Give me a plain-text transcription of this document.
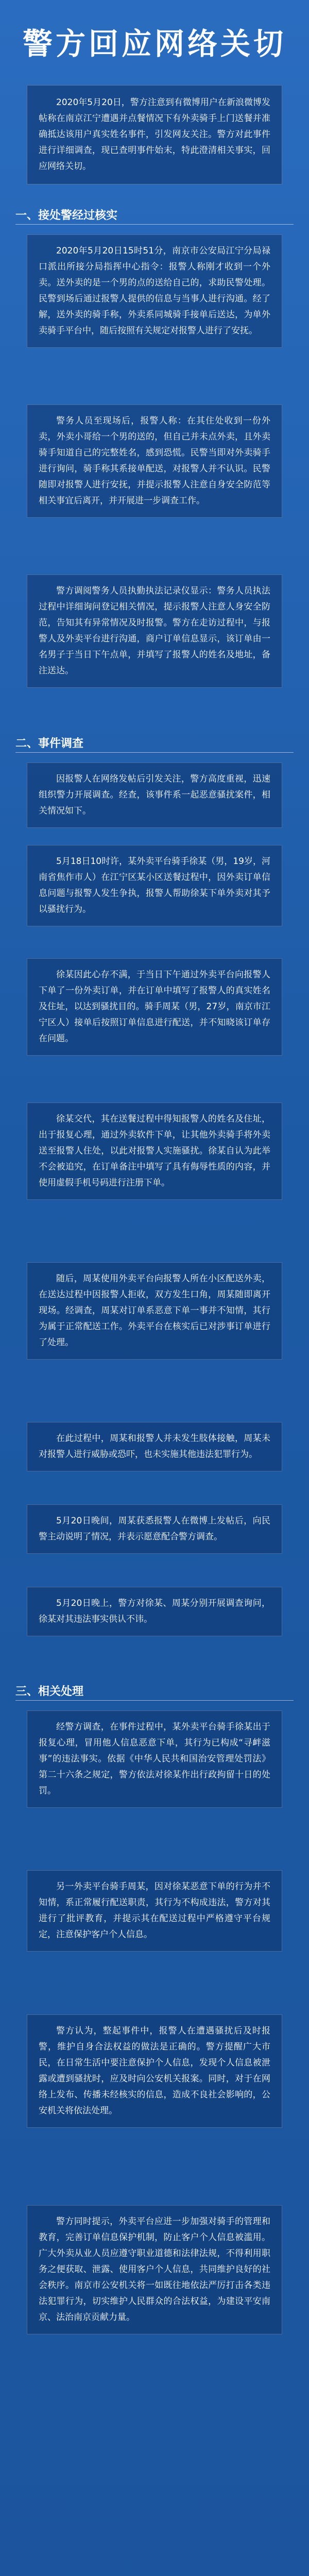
警方回应网络关切
2020年5月20日，警方注意到有微博用户在新浪微博发帖称在南京江宁遭遇并点餐情况下有外卖骑手上门送餐并准确抵达该用户真实姓名事件，引发网友关注。警方对此事件进行详细调查，现已查明事件始末，特此澄清相关事实，回应网络关切。
一、接处警经过核实
2020年5月20日15时51分，南京市公安局江宁分局禄口派出所接分局指挥中心指令：报警人称刚才收到一个外卖。送外卖的是一个男的点的送给自己的，求助民警处理。民警到场后通过报警人提供的信息与当事人进行沟通。经了解，送外卖的骑手称，外卖系同城骑手接单后送达，为单外卖骑手平台中，随后按照有关规定对报警人进行了安抚。
警务人员至现场后，报警人称：在其住处收到一份外卖，外卖小哥给一个男的送的，但自己并未点外卖，且外卖骑手知道自己的完整姓名，感到恐慌。民警当即对外卖骑手进行询问，骑手称其系接单配送，对报警人并不认识。民警随即对报警人进行安抚，并提示报警人注意自身安全防范等相关事宜后离开，并开展进一步调查工作。
警方调阅警务人员执勤执法记录仪显示：警务人员执法过程中详细询问登记相关情况，提示报警人注意人身安全防范，告知其有异常情况及时报警。警方在走访过程中，与报警人及外卖平台进行沟通，商户订单信息显示，该订单由一名男子于当日下午点单，并填写了报警人的姓名及地址，备注送达。
二、事件调查
因报警人在网络发帖后引发关注，警方高度重视，迅速组织警力开展调查。经查，该事件系一起恶意骚扰案件，相关情况如下。
5月18日10时许，某外卖平台骑手徐某（男，19岁，河南省焦作市人）在江宁区某小区送餐过程中，因外卖订单信息问题与报警人发生争执，报警人帮助徐某下单外卖对其予以骚扰行为。
徐某因此心存不满，于当日下午通过外卖平台向报警人下单了一份外卖订单，并在订单中填写了报警人的真实姓名及住址，以达到骚扰目的。骑手周某（男，27岁，南京市江宁区人）接单后按照订单信息进行配送，并不知晓该订单存在问题。
徐某交代，其在送餐过程中得知报警人的姓名及住址，出于报复心理，通过外卖软件下单，让其他外卖骑手将外卖送至报警人住处，以此对报警人实施骚扰。徐某自认为此举不会被追究，在订单备注中填写了具有侮辱性质的内容，并使用虚假手机号码进行注册下单。
随后，周某使用外卖平台向报警人所在小区配送外卖，在送达过程中因报警人拒收，双方发生口角，周某随即离开现场。经调查，周某对订单系恶意下单一事并不知情，其行为属于正常配送工作。外卖平台在核实后已对涉事订单进行了处理。
在此过程中，周某和报警人并未发生肢体接触，周某未对报警人进行威胁或恐吓，也未实施其他违法犯罪行为。
5月20日晚间，周某获悉报警人在微博上发帖后，向民警主动说明了情况，并表示愿意配合警方调查。
5月20日晚上，警方对徐某、周某分别开展调查询问，徐某对其违法事实供认不讳。
三、相关处理
经警方调查，在事件过程中，某外卖平台骑手徐某出于报复心理，冒用他人信息恶意下单，其行为已构成“寻衅滋事”的违法事实。依据《中华人民共和国治安管理处罚法》第二十六条之规定，警方依法对徐某作出行政拘留十日的处罚。
另一外卖平台骑手周某，因对徐某恶意下单的行为并不知情，系正常履行配送职责，其行为不构成违法，警方对其进行了批评教育，并提示其在配送过程中严格遵守平台规定，注意保护客户个人信息。
警方认为，整起事件中，报警人在遭遇骚扰后及时报警，维护自身合法权益的做法是正确的。警方提醒广大市民，在日常生活中要注意保护个人信息，发现个人信息被泄露或遭到骚扰时，应及时向公安机关报案。同时，对于在网络上发布、传播未经核实的信息，造成不良社会影响的，公安机关将依法处理。
警方同时提示，外卖平台应进一步加强对骑手的管理和教育，完善订单信息保护机制，防止客户个人信息被滥用。广大外卖从业人员应遵守职业道德和法律法规，不得利用职务之便获取、泄露、使用客户个人信息，共同维护良好的社会秩序。南京市公安机关将一如既往地依法严厉打击各类违法犯罪行为，切实维护人民群众的合法权益，为建设平安南京、法治南京贡献力量。
